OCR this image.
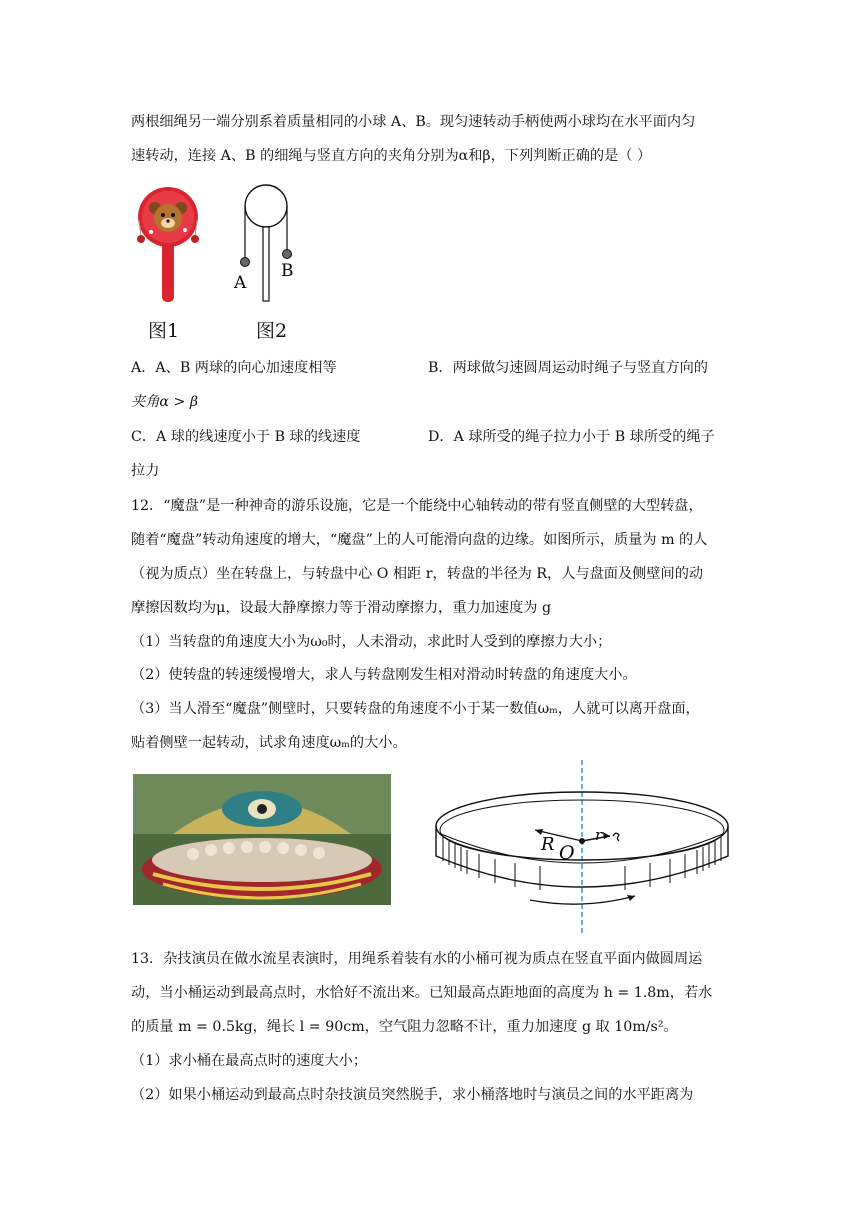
两根细绳另一端分别系着质量相同的小球 A、B。现匀速转动手柄使两小球均在水平面内匀
速转动，连接 A、B 的细绳与竖直方向的夹角分别为α和β，下列判断正确的是（ ）
A
B
图1	图2
A．A、B 两球的向心加速度相等	B．两球做匀速圆周运动时绳子与竖直方向的
夹角α > β
C．A 球的线速度小于 B 球的线速度	D．A 球所受的绳子拉力小于 B 球所受的绳子
拉力
12．“魔盘”是一种神奇的游乐设施，它是一个能绕中心轴转动的带有竖直侧壁的大型转盘，
随着“魔盘”转动角速度的增大，“魔盘”上的人可能滑向盘的边缘。如图所示，质量为 m 的人
（视为质点）坐在转盘上，与转盘中心 O 相距 r，转盘的半径为 R，人与盘面及侧壁间的动
摩擦因数均为μ，设最大静摩擦力等于滑动摩擦力，重力加速度为 g
（1）当转盘的角速度大小为ω₀时，人未滑动，求此时人受到的摩擦力大小；
（2）使转盘的转速缓慢增大，求人与转盘刚发生相对滑动时转盘的角速度大小。
（3）当人滑至“魔盘”侧壁时，只要转盘的角速度不小于某一数值ωₘ，人就可以离开盘面，
贴着侧壁一起转动，试求角速度ωₘ的大小。
R O
r
13．杂技演员在做水流星表演时，用绳系着装有水的小桶可视为质点在竖直平面内做圆周运
动，当小桶运动到最高点时，水恰好不流出来。已知最高点距地面的高度为 h = 1.8m，若水
的质量 m = 0.5kg，绳长 l = 90cm，空气阻力忽略不计，重力加速度 g 取 10m/s²。
（1）求小桶在最高点时的速度大小；
（2）如果小桶运动到最高点时杂技演员突然脱手，求小桶落地时与演员之间的水平距离为
